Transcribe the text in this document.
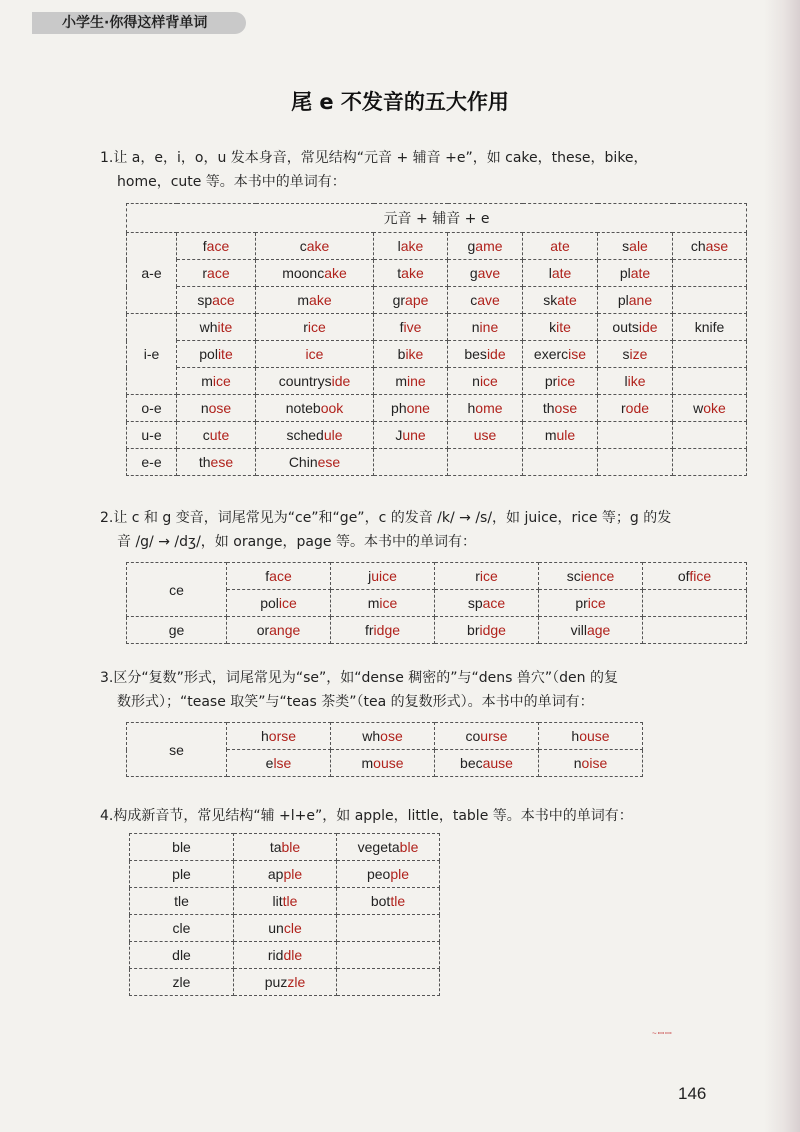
小学生·你得这样背单词
尾 e 不发音的五大作用
1.让 a，e，i，o，u 发本身音，常见结构“元音 + 辅音 +e”，如 cake，these，bike，
home，cute 等。本书中的单词有：
元音 + 辅音 + e							
a-e	face	cake	lake	game	ate	sale	chase
	race	mooncake	take	gave	late	plate	
	space	make	grape	cave	skate	plane	
i-e	white	rice	five	nine	kite	outside	knife
	polite	ice	bike	beside	exercise	size	
	mice	countryside	mine	nice	price	like	
o-e	nose	notebook	phone	home	those	rode	woke
u-e	cute	schedule	June	use	mule		
e-e	these	Chinese					
2.让 c 和 g 变音，词尾常见为“ce”和“ge”，c 的发音 /k/ → /s/，如 juice，rice 等；g 的发
音 /g/ → /dʒ/，如 orange，page 等。本书中的单词有：
ce	face	juice	rice	science	office
	police	mice	space	price	
ge	orange	fridge	bridge	village	
3.区分“复数”形式，词尾常见为“se”，如“dense 稠密的”与“dens 兽穴”（den 的复
数形式）；“tease 取笑”与“teas 茶类”（tea 的复数形式）。本书中的单词有：
se	horse	whose	course	house
	else	mouse	because	noise
4.构成新音节，常见结构“辅 +l+e”，如 apple，little，table 等。本书中的单词有：
ble	table	vegetable
ple	apple	people
tle	little	bottle
cle	uncle	
dle	riddle	
zle	puzzle	
~ꟷꟷ
146
